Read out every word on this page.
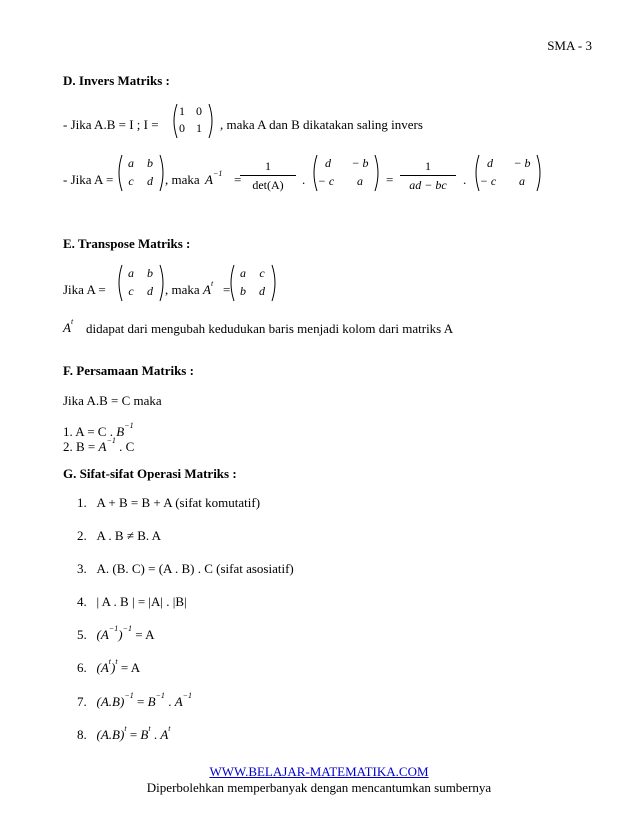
SMA - 3
D. Invers Matriks :
- Jika A.B = I ; I =
1 0
0 1	, maka A dan B dikatakan saling invers
- Jika A =
a	b
c	d , maka $A^{-1}$ =
1
det(A)	.
d	− b
− c	a	=
1
ad − bc	.
d	− b
− c	a
E. Transpose Matriks :
Jika A =
a	b
c	d , maka $A^t$ =
a	c
b	d
$A^t$ didapat dari mengubah kedudukan baris menjadi kolom dari matriks A
F. Persamaan Matriks :
Jika A.B = C maka
1. A = C . $B^{-1}$
2. $B = A^{-1}$ . C
G. Sifat-sifat Operasi Matriks :
1. A + B = B + A (sifat komutatif)
2. A . B ≠ B. A
3. A. (B. C) = (A . B) . C (sifat asosiatif)
4. | A . B | = |A| . |B|
5. $(A^{-1})^{-1} = A$
6. $(A^t)^t = A$
7. $(A.B)^{-1} = B^{-1}$ . $A^{-1}$
8. $(A.B)^t = B^t$ . $A^t$
WWW.BELAJAR-MATEMATIKA.COM
Diperbolehkan memperbanyak dengan mencantumkan sumbernya
